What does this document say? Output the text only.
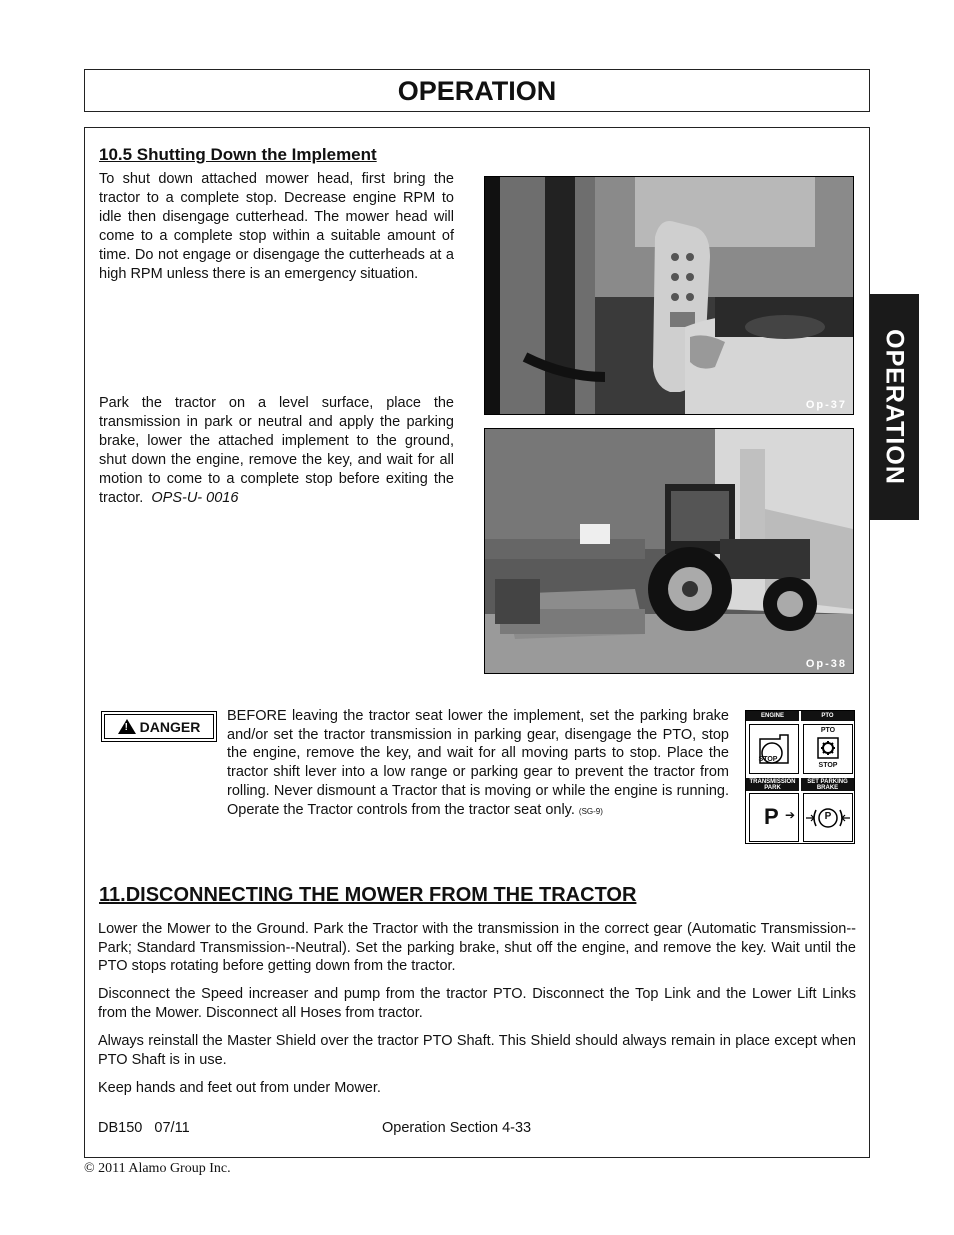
OPERATION
OPERATION
10.5 Shutting Down the Implement
To shut down attached mower head, first bring the tractor to a complete stop. Decrease engine RPM to idle then disengage cutterhead. The mower head will come to a complete stop within a suitable amount of time. Do not engage or disengage the cutterheads at a high RPM unless there is an emergency situation.
Park the tractor on a level surface, place the transmission in park or neutral and apply the parking brake, lower the attached implement to the ground, shut down the engine, remove the key, and wait for all motion to come to a complete stop before exiting the tractor. OPS-U- 0016
Op-37
Op-38
! DANGER
BEFORE leaving the tractor seat lower the implement, set the parking brake and/or set the tractor transmission in parking gear, disengage the PTO, stop the engine, remove the key, and wait for all moving parts to stop. Place the tractor shift lever into a low range or parking gear to prevent the tractor from rolling. Never dismount a Tractor that is moving or while the engine is running. Operate the Tractor controls from the tractor seat only. (SG-9)
ENGINE	PTO
STOP
PTO
STOP
TRANSMISSION PARK
SET PARKING BRAKE
P ➔	P
11.DISCONNECTING THE MOWER FROM THE TRACTOR
Lower the Mower to the Ground. Park the Tractor with the transmission in the correct gear (Automatic Transmission--Park; Standard Transmission--Neutral). Set the parking brake, shut off the engine, and remove the key. Wait until the PTO stops rotating before getting down from the tractor.
Disconnect the Speed increaser and pump from the tractor PTO. Disconnect the Top Link and the Lower Lift Links from the Mower. Disconnect all Hoses from tractor.
Always reinstall the Master Shield over the tractor PTO Shaft. This Shield should always remain in place except when PTO Shaft is in use.
Keep hands and feet out from under Mower.
DB150   07/11	Operation Section 4-33
© 2011 Alamo Group Inc.
